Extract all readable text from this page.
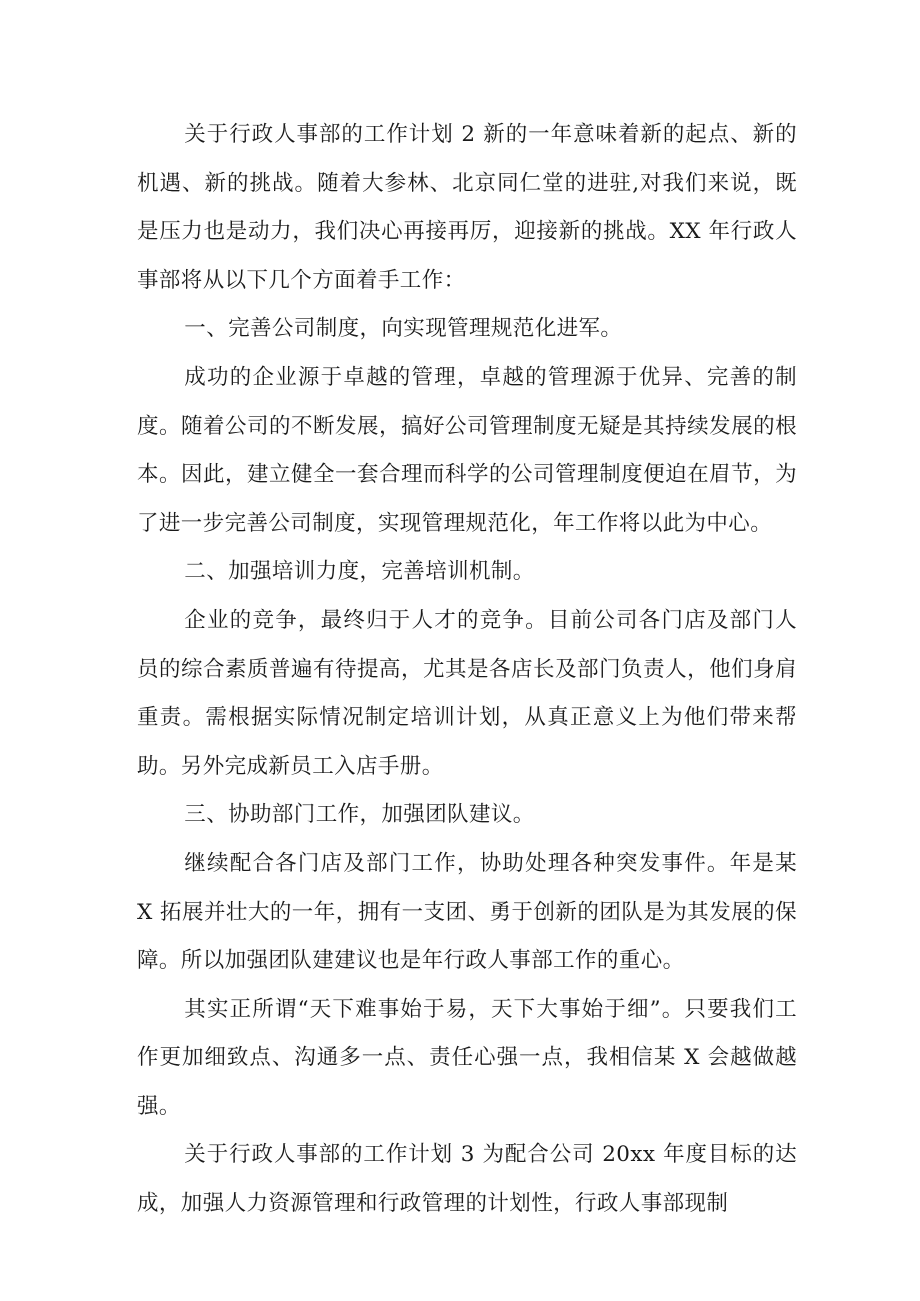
关于行政人事部的工作计划 2 新的一年意味着新的起点、新的机遇、新的挑战。随着大参林、北京同仁堂的进驻,对我们来说，既是压力也是动力，我们决心再接再厉，迎接新的挑战。XX 年行政人事部将从以下几个方面着手工作：

一、完善公司制度，向实现管理规范化进军。

成功的企业源于卓越的管理，卓越的管理源于优异、完善的制度。随着公司的不断发展，搞好公司管理制度无疑是其持续发展的根本。因此，建立健全一套合理而科学的公司管理制度便迫在眉节，为了进一步完善公司制度，实现管理规范化，年工作将以此为中心。

二、加强培训力度，完善培训机制。

企业的竞争，最终归于人才的竞争。目前公司各门店及部门人员的综合素质普遍有待提高，尤其是各店长及部门负责人，他们身肩重责。需根据实际情况制定培训计划，从真正意义上为他们带来帮助。另外完成新员工入店手册。

三、协助部门工作，加强团队建议。

继续配合各门店及部门工作，协助处理各种突发事件。年是某 X 拓展并壮大的一年，拥有一支团、勇于创新的团队是为其发展的保障。所以加强团队建建议也是年行政人事部工作的重心。

其实正所谓“天下难事始于易，天下大事始于细”。只要我们工作更加细致点、沟通多一点、责任心强一点，我相信某 X 会越做越强。

关于行政人事部的工作计划 3 为配合公司 20xx 年度目标的达成，加强人力资源管理和行政管理的计划性，行政人事部现制
